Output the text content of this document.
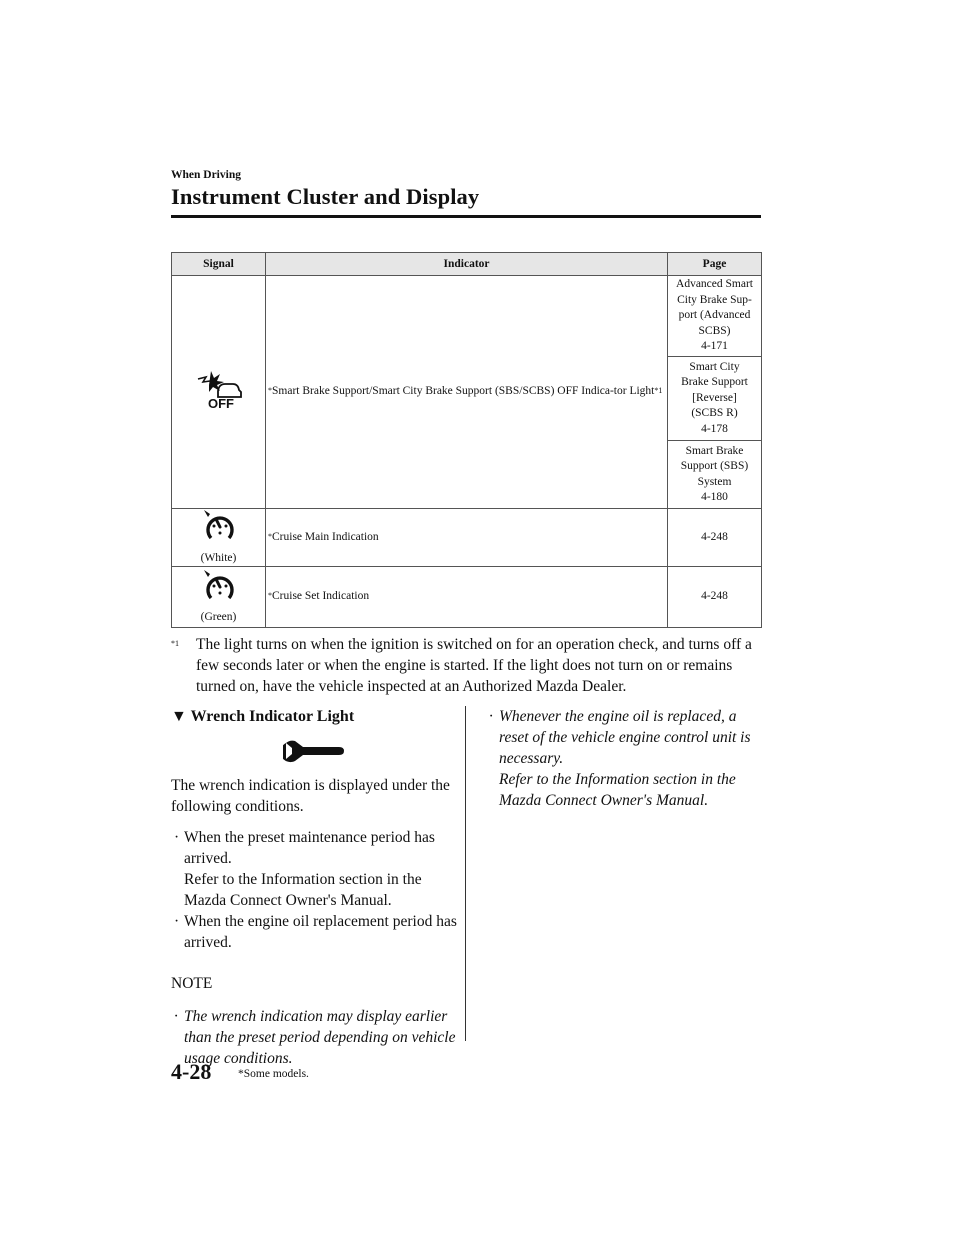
When Driving
Instrument Cluster and Display
Signal	Indicator	Page

OFF	*Smart Brake Support/Smart City Brake Support (SBS/SCBS) OFF Indica-tor Light$^{*1}$	Advanced Smart
City Brake Sup-
port (Advanced
SCBS)
4-171

		Smart City
Brake Support
[Reverse]
(SCBS R)
4-178

		Smart Brake
Support (SBS)
System
4-180

(White)	*Cruise Main Indication	4-248

(Green)	*Cruise Set Indication	4-248
$^{*1}$ The light turns on when the ignition is switched on for an operation check, and turns off a few seconds later or when the engine is started. If the light does not turn on or remains turned on, have the vehicle inspected at an Authorized Mazda Dealer.

▼ Wrench Indicator Light

The wrench indication is displayed under the following conditions.

· When the preset maintenance period has arrived.
Refer to the Information section in the Mazda Connect Owner's Manual.
· When the engine oil replacement period has arrived.

NOTE

· The wrench indication may display earlier than the preset period depending on vehicle usage conditions.
· Whenever the engine oil is replaced, a reset of the vehicle engine control unit is necessary.
Refer to the Information section in the Mazda Connect Owner's Manual.
4-28 *Some models.
